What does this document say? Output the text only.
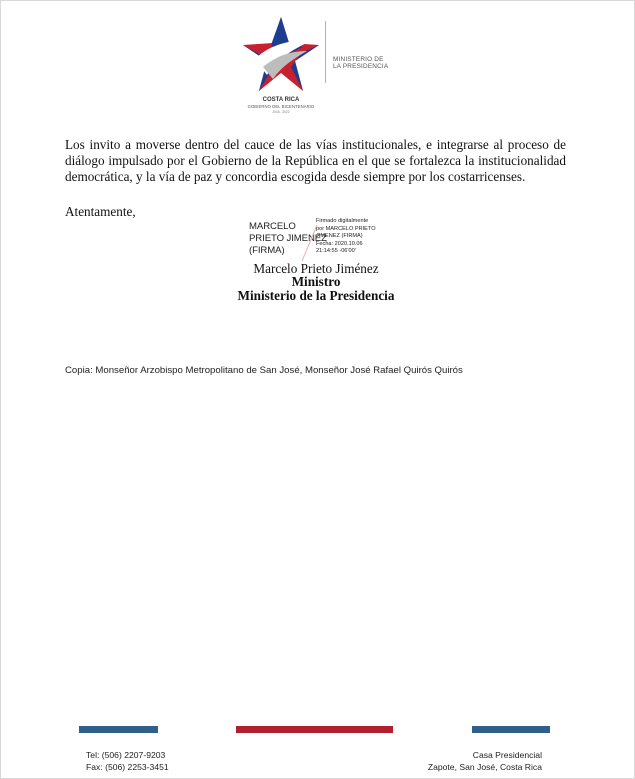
MINISTERIO DE
LA PRESIDENCIA
COSTA RICA
GOBIERNO DEL BICENTENARIO
2018 - 2022
Los invito a moverse dentro del cauce de las vías institucionales, e integrarse al proceso de diálogo impulsado por el Gobierno de la República en el que se fortalezca la institucionalidad democrática, y la vía de paz y concordia escogida desde siempre por los costarricenses.
Atentamente,
MARCELO
PRIETO JIMENEZ
(FIRMA)
Firmado digitalmente
por MARCELO PRIETO
JIMENEZ (FIRMA)
Fecha: 2020.10.06
21:14:55 -06'00'
Marcelo Prieto Jiménez
Ministro
Ministerio de la Presidencia
Copia: Monseñor Arzobispo Metropolitano de San José, Monseñor José Rafael Quirós Quirós
Tel: (506) 2207-9203
Fax: (506) 2253-3451
Casa Presidencial
Zapote, San José, Costa Rica
